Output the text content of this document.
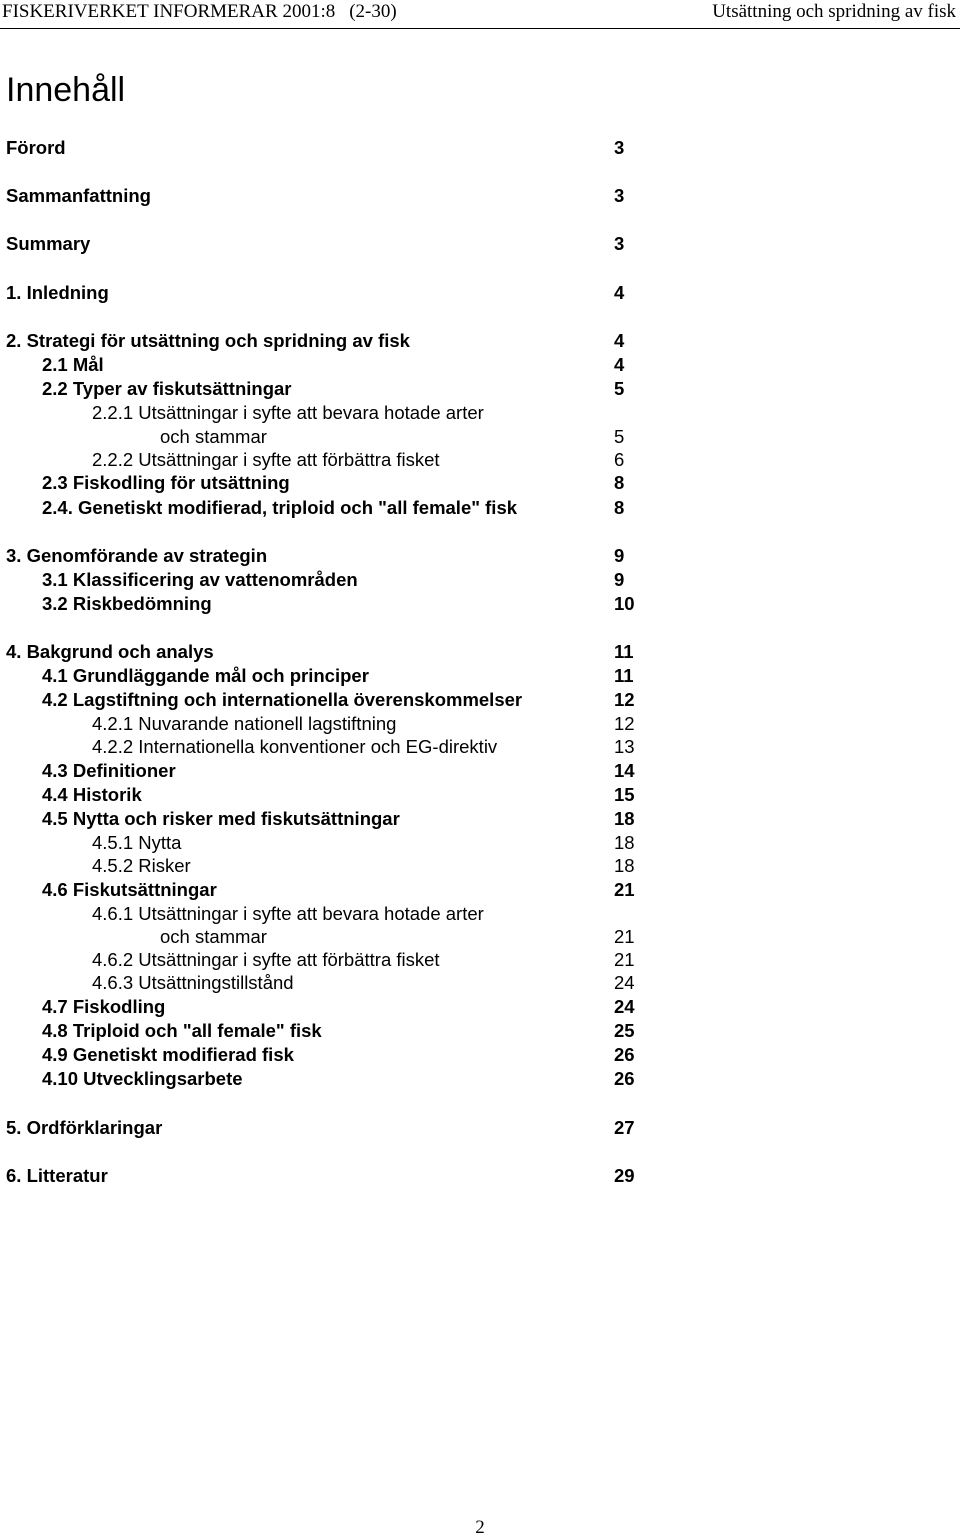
FISKERIVERKET INFORMERAR 2001:8 (2-30)	Utsättning och spridning av fisk
Innehåll
Förord	3
Sammanfattning	3
Summary	3
1. Inledning	4
2. Strategi för utsättning och spridning av fisk	4
2.1 Mål	4
2.2 Typer av fiskutsättningar	5
2.2.1 Utsättningar i syfte att bevara hotade arter
och stammar	5
2.2.2 Utsättningar i syfte att förbättra fisket	6
2.3 Fiskodling för utsättning	8
2.4. Genetiskt modifierad, triploid och "all female" fisk	8
3. Genomförande av strategin	9
3.1 Klassificering av vattenområden	9
3.2 Riskbedömning	10
4. Bakgrund och analys	11
4.1 Grundläggande mål och principer	11
4.2 Lagstiftning och internationella överenskommelser	12
4.2.1 Nuvarande nationell lagstiftning	12
4.2.2 Internationella konventioner och EG-direktiv	13
4.3 Definitioner	14
4.4 Historik	15
4.5 Nytta och risker med fiskutsättningar	18
4.5.1 Nytta	18
4.5.2 Risker	18
4.6 Fiskutsättningar	21
4.6.1 Utsättningar i syfte att bevara hotade arter
och stammar	21
4.6.2 Utsättningar i syfte att förbättra fisket	21
4.6.3 Utsättningstillstånd	24
4.7 Fiskodling	24
4.8 Triploid och "all female" fisk	25
4.9 Genetiskt modifierad fisk	26
4.10 Utvecklingsarbete	26
5. Ordförklaringar	27
6. Litteratur	29
2
